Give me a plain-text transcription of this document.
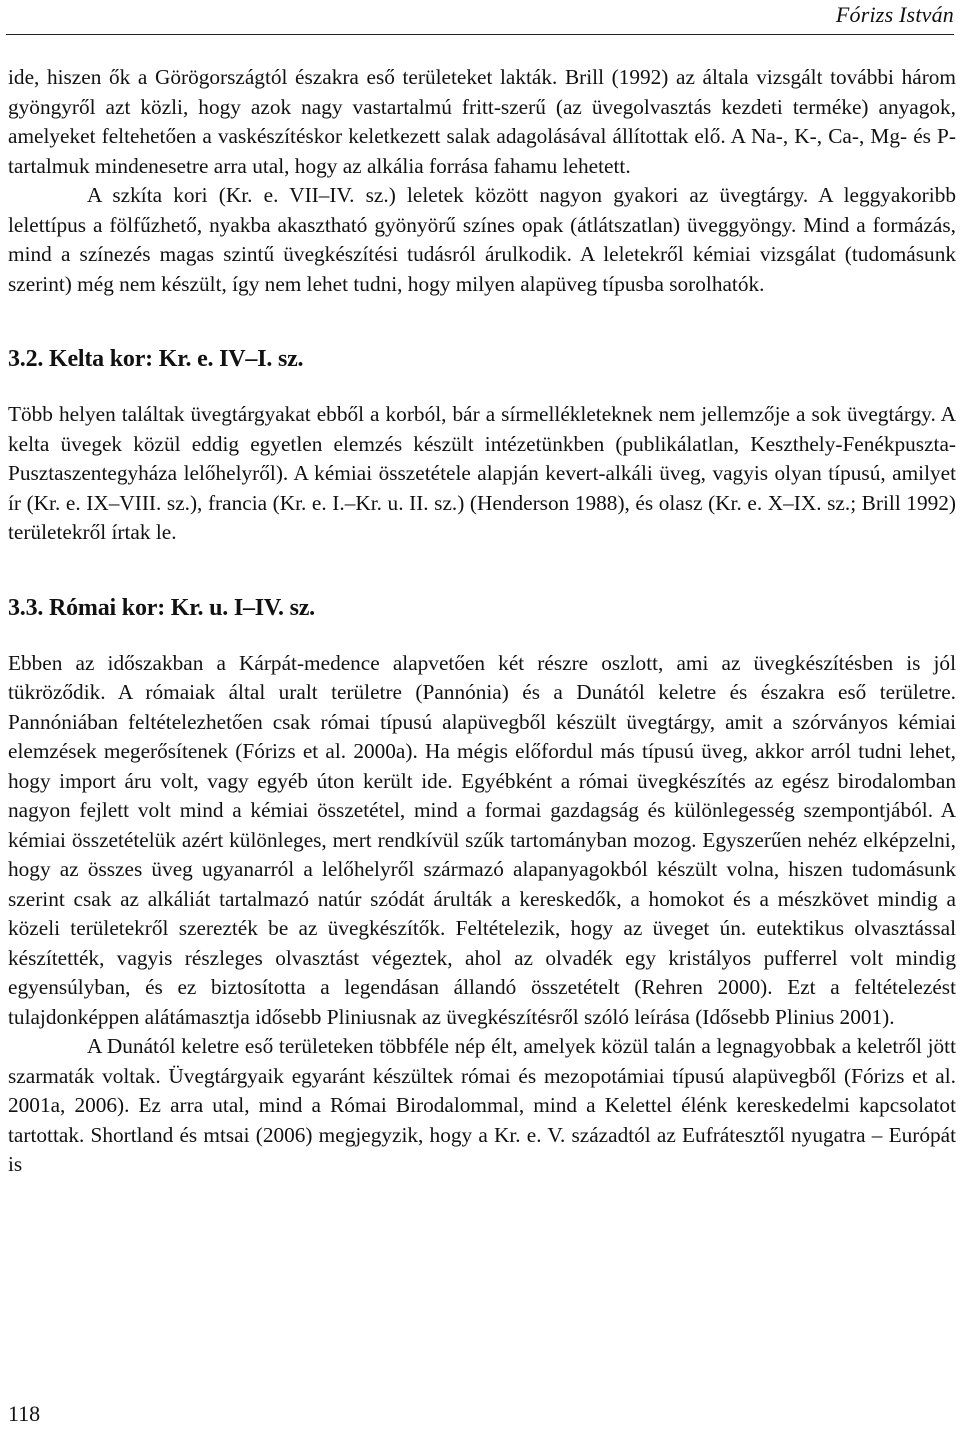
Fórizs István

ide, hiszen ők a Görögországtól északra eső területeket lakták. Brill (1992) az általa vizsgált további három gyöngyről azt közli, hogy azok nagy vastartalmú fritt-szerű (az üvegolvasztás kezdeti terméke) anyagok, amelyeket feltehetően a vaskészítéskor keletkezett salak adagolásával állítottak elő. A Na-, K-, Ca-, Mg- és P-tartalmuk mindenesetre arra utal, hogy az alkália forrása fahamu lehetett.

A szkíta kori (Kr. e. VII–IV. sz.) leletek között nagyon gyakori az üvegtárgy. A leggyakoribb lelettípus a fölfűzhető, nyakba akasztható gyönyörű színes opak (átlátszatlan) üveggyöngy. Mind a formázás, mind a színezés magas szintű üvegkészítési tudásról árulkodik. A leletekről kémiai vizsgálat (tudomásunk szerint) még nem készült, így nem lehet tudni, hogy milyen alapüveg típusba sorolhatók.

3.2. Kelta kor: Kr. e. IV–I. sz.

Több helyen találtak üvegtárgyakat ebből a korból, bár a sírmellékleteknek nem jellemzője a sok üvegtárgy. A kelta üvegek közül eddig egyetlen elemzés készült intézetünkben (publikálatlan, Keszthely-Fenékpuszta-Pusztaszentegyháza lelőhelyről). A kémiai összetétele alapján kevert-alkáli üveg, vagyis olyan típusú, amilyet ír (Kr. e. IX–VIII. sz.), francia (Kr. e. I.–Kr. u. II. sz.) (Henderson 1988), és olasz (Kr. e. X–IX. sz.; Brill 1992) területekről írtak le.

3.3. Római kor: Kr. u. I–IV. sz.

Ebben az időszakban a Kárpát-medence alapvetően két részre oszlott, ami az üvegkészítésben is jól tükröződik. A rómaiak által uralt területre (Pannónia) és a Dunától keletre és északra eső területre. Pannóniában feltételezhetően csak római típusú alapüvegből készült üvegtárgy, amit a szórványos kémiai elemzések megerősítenek (Fórizs et al. 2000a). Ha mégis előfordul más típusú üveg, akkor arról tudni lehet, hogy import áru volt, vagy egyéb úton került ide. Egyébként a római üvegkészítés az egész birodalomban nagyon fejlett volt mind a kémiai összetétel, mind a formai gazdagság és különlegesség szempontjából. A kémiai összetételük azért különleges, mert rendkívül szűk tartományban mozog. Egyszerűen nehéz elképzelni, hogy az összes üveg ugyanarról a lelőhelyről származó alapanyagokból készült volna, hiszen tudomásunk szerint csak az alkáliát tartalmazó natúr szódát árulták a kereskedők, a homokot és a mészkövet mindig a közeli területekről szerezték be az üvegkészítők. Feltételezik, hogy az üveget ún. eutektikus olvasztással készítették, vagyis részleges olvasztást végeztek, ahol az olvadék egy kristályos pufferrel volt mindig egyensúlyban, és ez biztosította a legendásan állandó összetételt (Rehren 2000). Ezt a feltételezést tulajdonképpen alátámasztja idősebb Pliniusnak az üvegkészítésről szóló leírása (Idősebb Plinius 2001).

A Dunától keletre eső területeken többféle nép élt, amelyek közül talán a legnagyobbak a keletről jött szarmaták voltak. Üvegtárgyaik egyaránt készültek római és mezopotámiai típusú alapüvegből (Fórizs et al. 2001a, 2006). Ez arra utal, mind a Római Birodalommal, mind a Kelettel élénk kereskedelmi kapcsolatot tartottak. Shortland és mtsai (2006) megjegyzik, hogy a Kr. e. V. századtól az Eufrátesztől nyugatra – Európát is

118
